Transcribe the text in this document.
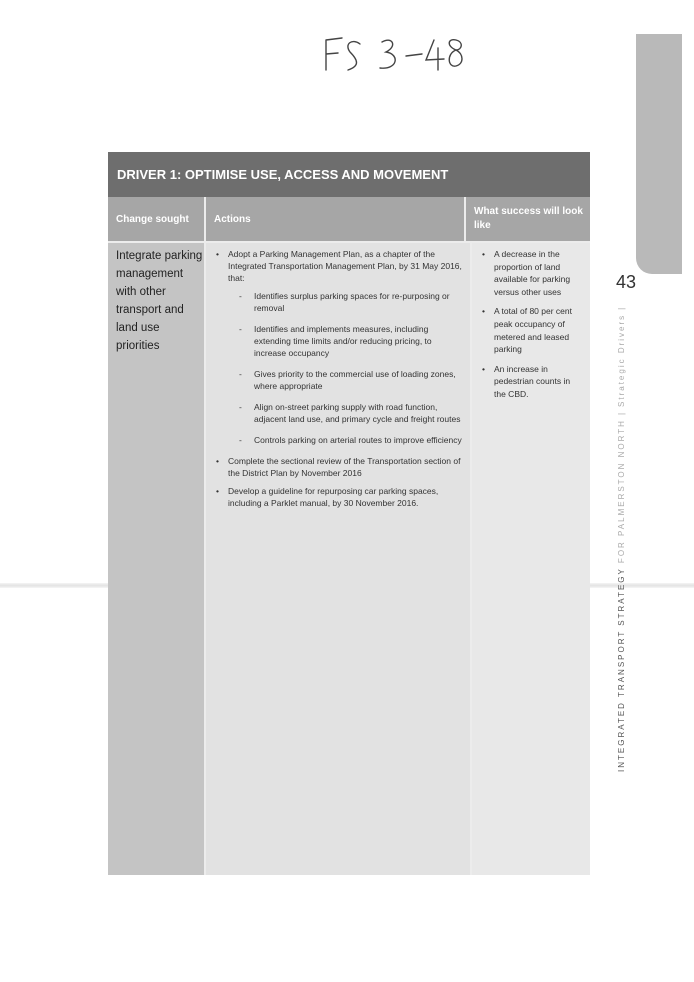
43
INTEGRATED TRANSPORT STRATEGY FOR PALMERSTON NORTH|Strategic Drivers|
DRIVER 1: OPTIMISE USE, ACCESS AND MOVEMENT
Change sought	Actions
What success will look like
Integrate parking management with other transport and land use priorities
• Adopt a Parking Management Plan, as a chapter of the Integrated Transportation Management Plan, by 31 May 2016, that:
- Identifies surplus parking spaces for re-purposing or removal
- Identifies and implements measures, including extending time limits and/or reducing pricing, to increase occupancy
- Gives priority to the commercial use of loading zones, where appropriate
- Align on-street parking supply with road function, adjacent land use, and primary cycle and freight routes
- Controls parking on arterial routes to improve efficiency
• Complete the sectional review of the Transportation section of the District Plan by November 2016
• Develop a guideline for repurposing car parking spaces, including a Parklet manual, by 30 November 2016.
• A decrease in the proportion of land available for parking versus other uses
• A total of 80 per cent peak occupancy of metered and leased parking
• An increase in pedestrian counts in the CBD.
